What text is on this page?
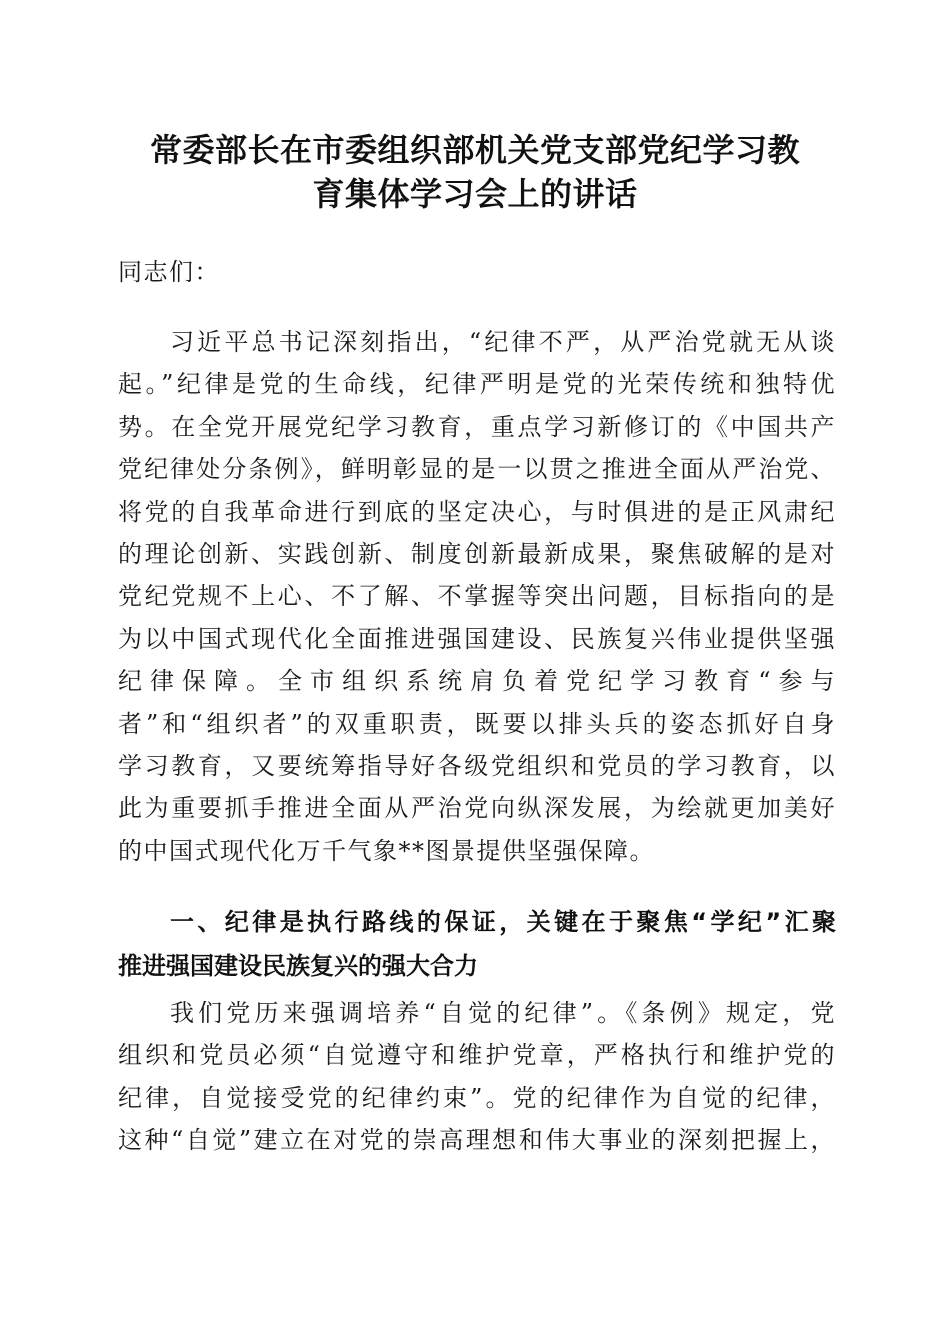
常委部长在市委组织部机关党支部党纪学习教
育集体学习会上的讲话
同志们：
习近平总书记深刻指出，“纪律不严，从严治党就无从谈
起。”纪律是党的生命线，纪律严明是党的光荣传统和独特优
势。在全党开展党纪学习教育，重点学习新修订的《中国共产
党纪律处分条例》，鲜明彰显的是一以贯之推进全面从严治党、
将党的自我革命进行到底的坚定决心，与时俱进的是正风肃纪
的理论创新、实践创新、制度创新最新成果，聚焦破解的是对
党纪党规不上心、不了解、不掌握等突出问题，目标指向的是
为以中国式现代化全面推进强国建设、民族复兴伟业提供坚强
纪律保障。全市组织系统肩负着党纪学习教育“参与
者”和“组织者”的双重职责，既要以排头兵的姿态抓好自身
学习教育，又要统筹指导好各级党组织和党员的学习教育，以
此为重要抓手推进全面从严治党向纵深发展，为绘就更加美好
的中国式现代化万千气象**图景提供坚强保障。
一、纪律是执行路线的保证，关键在于聚焦“学纪”汇聚
推进强国建设民族复兴的强大合力
我们党历来强调培养“自觉的纪律”。《条例》规定，党
组织和党员必须“自觉遵守和维护党章，严格执行和维护党的
纪律，自觉接受党的纪律约束”。党的纪律作为自觉的纪律，
这种“自觉”建立在对党的崇高理想和伟大事业的深刻把握上，
